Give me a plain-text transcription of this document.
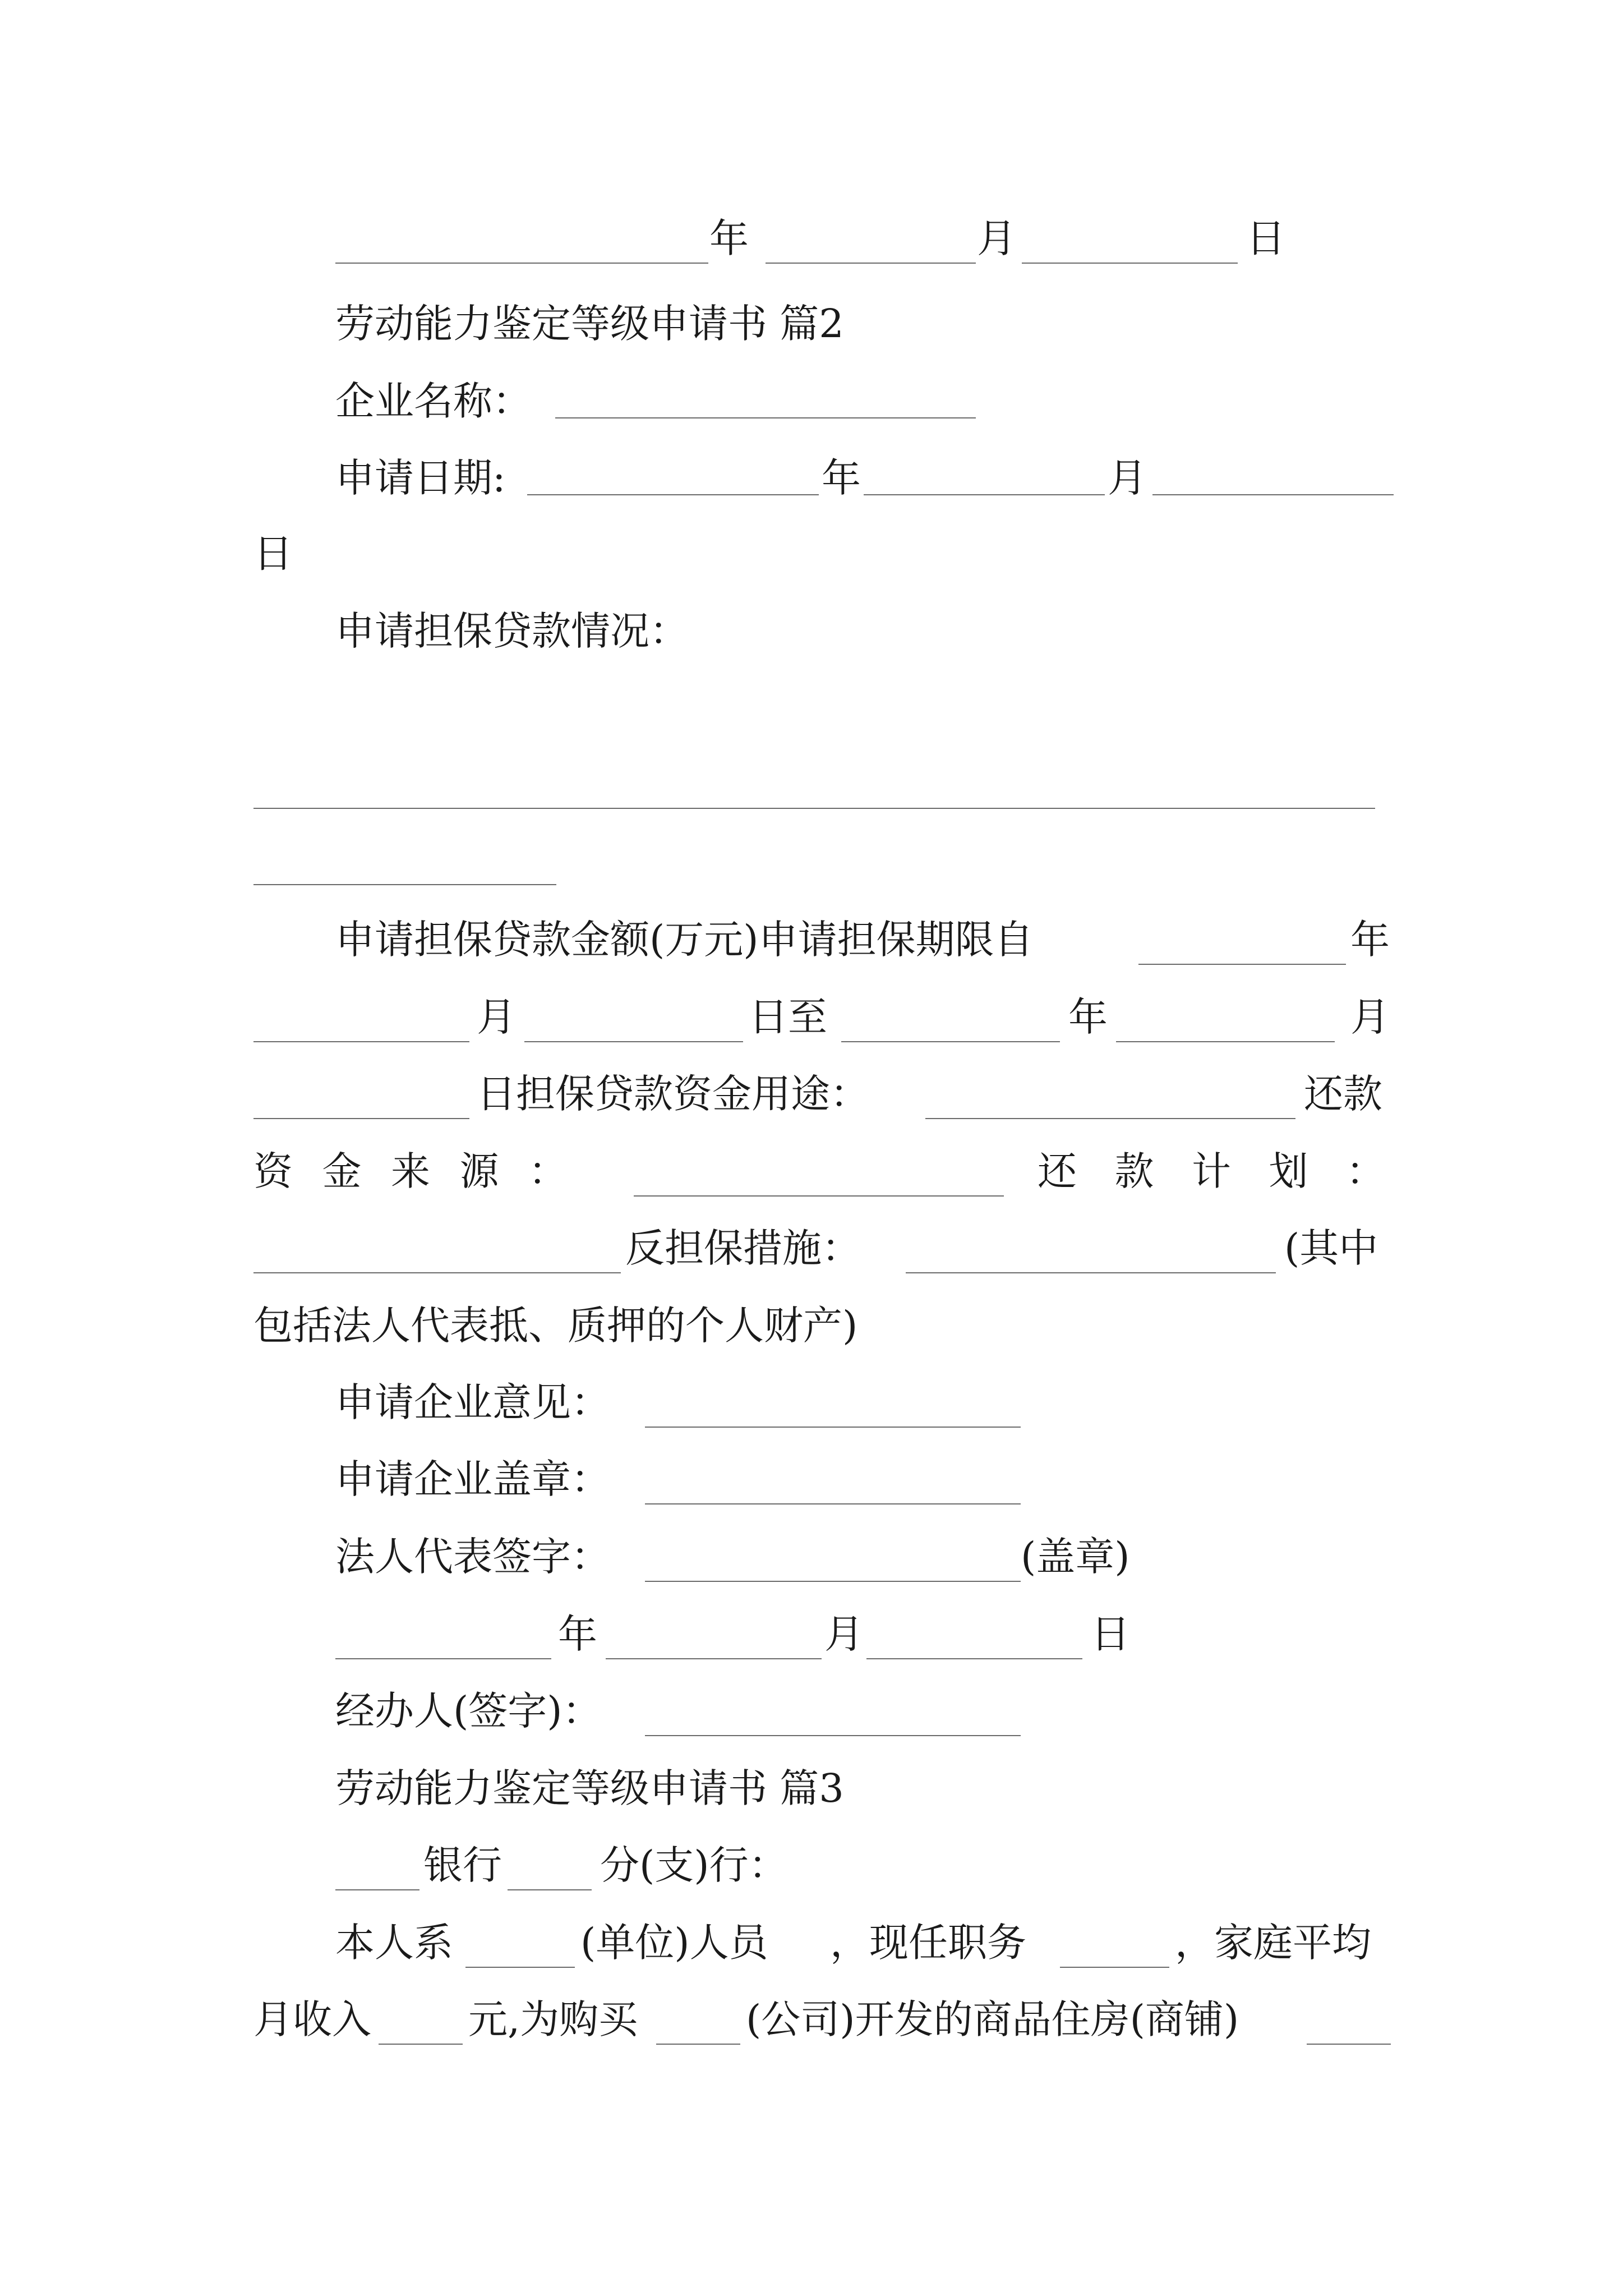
年	月	日
劳动能力鉴定等级申请书 篇2
企业名称：
申请日期:	年	月
日
申请担保贷款情况：
申请担保贷款金额(万元)申请担保期限自	年
月	日至	年	月
日担保贷款资金用途：	还款
资 金 来 源 ：	还 款 计 划 ：
反担保措施：	(其中
包括法人代表抵、质押的个人财产)
申请企业意见：
申请企业盖章：
法人代表签字：	(盖章)
年	月	日
经办人(签字)：
劳动能力鉴定等级申请书 篇3
银行	分(支)行：
本人系	(单位)人员 ，现任职务	，家庭平均
月收入 元,为购买	(公司)开发的商品住房(商铺)
